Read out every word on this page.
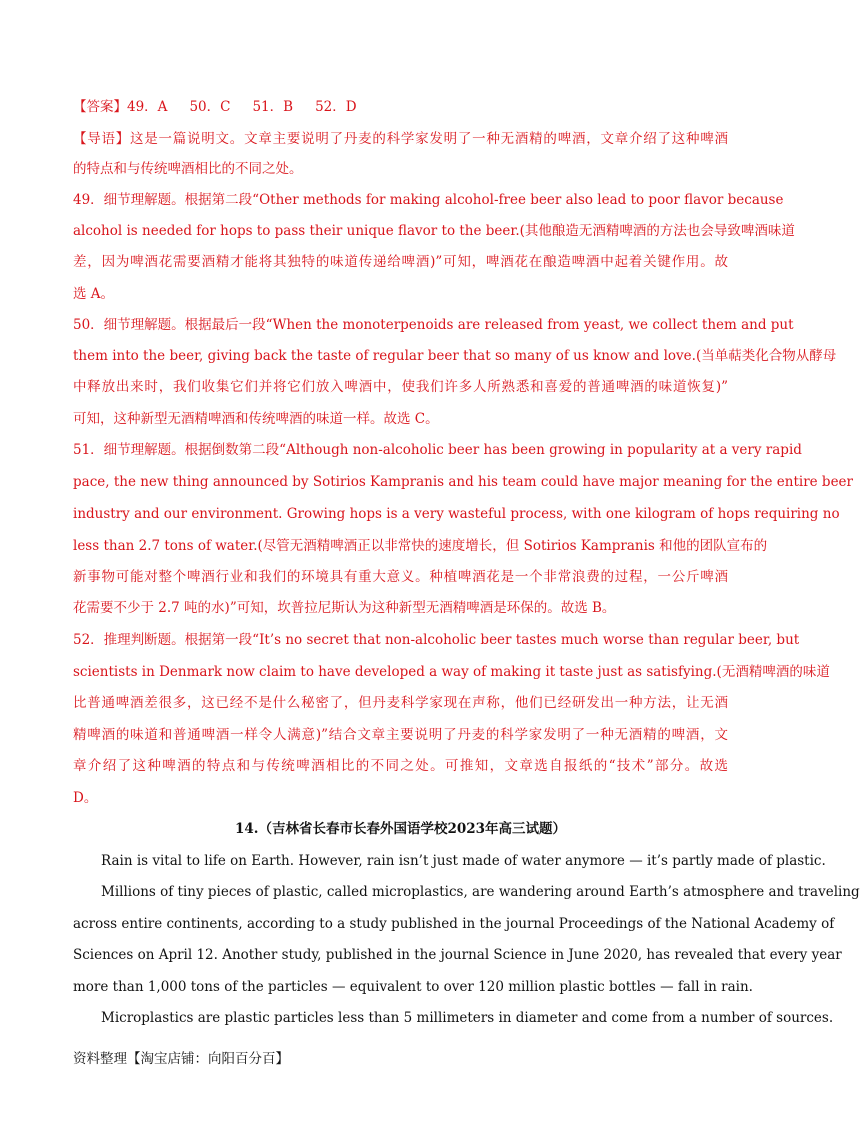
【答案】49．A 50．C 51．B 52．D
【导语】这是一篇说明文。文章主要说明了丹麦的科学家发明了一种无酒精的啤酒，文章介绍了这种啤酒
的特点和与传统啤酒相比的不同之处。
49．细节理解题。根据第二段“Other methods for making alcohol-free beer also lead to poor flavor because
alcohol is needed for hops to pass their unique flavor to the beer.(其他酿造无酒精啤酒的方法也会导致啤酒味道
差，因为啤酒花需要酒精才能将其独特的味道传递给啤酒)”可知，啤酒花在酿造啤酒中起着关键作用。故
选 A。
50．细节理解题。根据最后一段“When the monoterpenoids are released from yeast, we collect them and put
them into the beer, giving back the taste of regular beer that so many of us know and love.(当单萜类化合物从酵母
中释放出来时，我们收集它们并将它们放入啤酒中，使我们许多人所熟悉和喜爱的普通啤酒的味道恢复)”
可知，这种新型无酒精啤酒和传统啤酒的味道一样。故选 C。
51．细节理解题。根据倒数第二段“Although non-alcoholic beer has been growing in popularity at a very rapid
pace, the new thing announced by Sotirios Kampranis and his team could have major meaning for the entire beer
industry and our environment. Growing hops is a very wasteful process, with one kilogram of hops requiring no
less than 2.7 tons of water.(尽管无酒精啤酒正以非常快的速度增长，但 Sotirios Kampranis 和他的团队宣布的
新事物可能对整个啤酒行业和我们的环境具有重大意义。种植啤酒花是一个非常浪费的过程，一公斤啤酒
花需要不少于 2.7 吨的水)”可知，坎普拉尼斯认为这种新型无酒精啤酒是环保的。故选 B。
52．推理判断题。根据第一段“It’s no secret that non-alcoholic beer tastes much worse than regular beer, but
scientists in Denmark now claim to have developed a way of making it taste just as satisfying.(无酒精啤酒的味道
比普通啤酒差很多，这已经不是什么秘密了，但丹麦科学家现在声称，他们已经研发出一种方法，让无酒
精啤酒的味道和普通啤酒一样令人满意)”结合文章主要说明了丹麦的科学家发明了一种无酒精的啤酒，文
章介绍了这种啤酒的特点和与传统啤酒相比的不同之处。可推知，文章选自报纸的“技术”部分。故选
D。
14.（吉林省长春市长春外国语学校2023年高三试题）
Rain is vital to life on Earth. However, rain isn’t just made of water anymore — it’s partly made of plastic.
Millions of tiny pieces of plastic, called microplastics, are wandering around Earth’s atmosphere and traveling
across entire continents, according to a study published in the journal Proceedings of the National Academy of
Sciences on April 12. Another study, published in the journal Science in June 2020, has revealed that every year
more than 1,000 tons of the particles — equivalent to over 120 million plastic bottles — fall in rain.
Microplastics are plastic particles less than 5 millimeters in diameter and come from a number of sources.
资料整理【淘宝店铺：向阳百分百】
